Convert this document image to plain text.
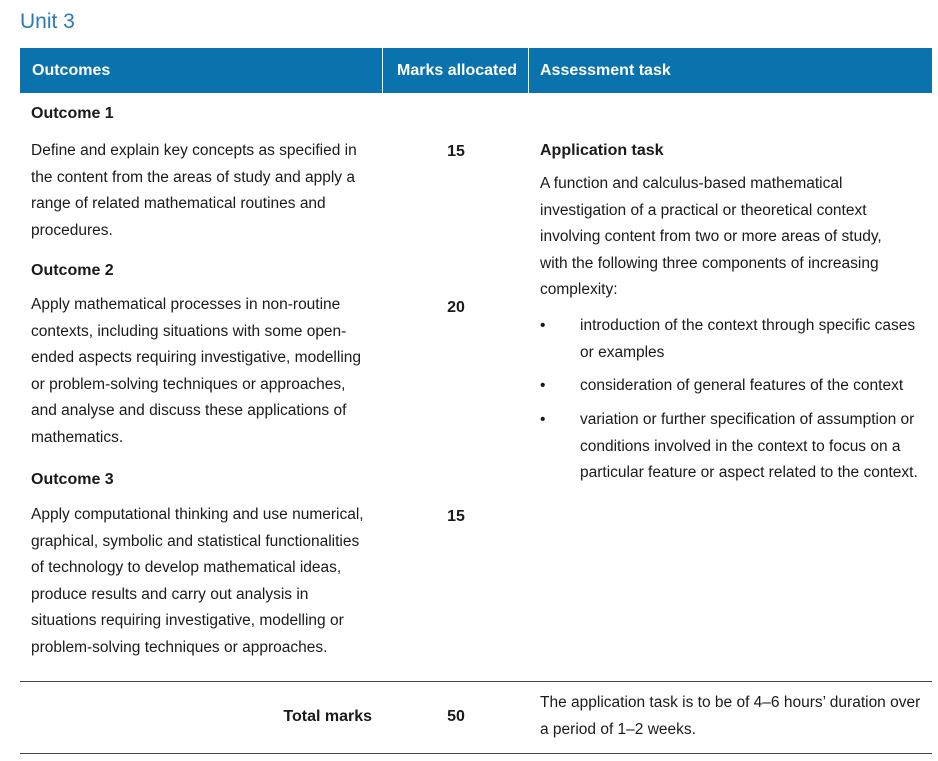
Unit 3
Outcomes	Marks allocated Assessment task
Outcome 1
Define and explain key concepts as specified in
the content from the areas of study and apply a
range of related mathematical routines and
procedures.
15
Outcome 2
Apply mathematical processes in non-routine
contexts, including situations with some open-
ended aspects requiring investigative, modelling
or problem-solving techniques or approaches,
and analyse and discuss these applications of
mathematics.
20
Outcome 3
Apply computational thinking and use numerical,
graphical, symbolic and statistical functionalities
of technology to develop mathematical ideas,
produce results and carry out analysis in
situations requiring investigative, modelling or
problem-solving techniques or approaches.
15
Application task
A function and calculus-based mathematical
investigation of a practical or theoretical context
involving content from two or more areas of study,
with the following three components of increasing
complexity:
• introduction of the context through specific cases
or examples
• consideration of general features of the context
• variation or further specification of assumption or
conditions involved in the context to focus on a
particular feature or aspect related to the context.
Total marks	50
The application task is to be of 4–6 hours’ duration over
a period of 1–2 weeks.
